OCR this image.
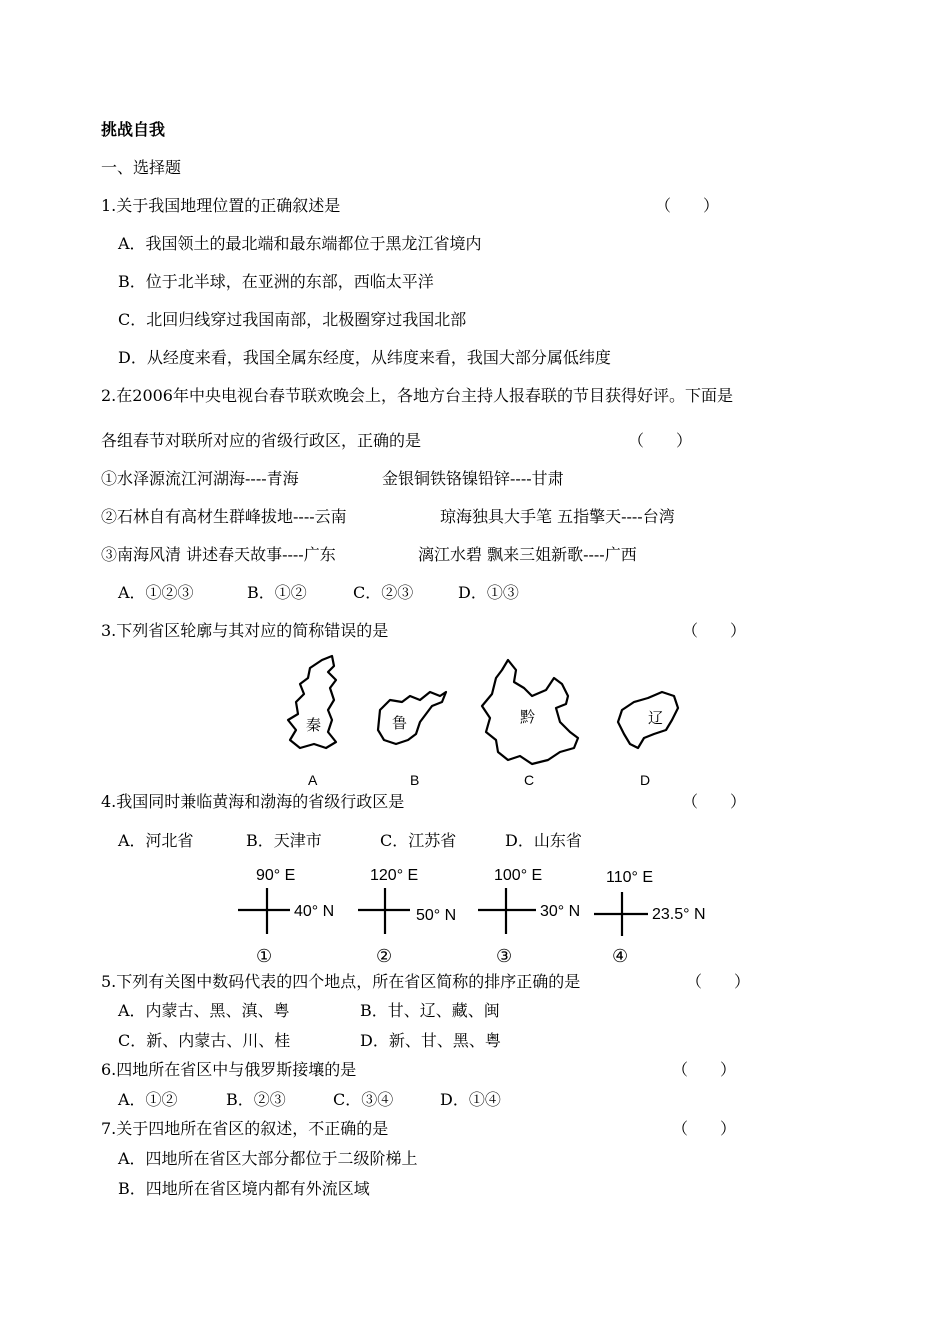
挑战自我
一、选择题
1.关于我国地理位置的正确叙述是	（　　）
A．我国领土的最北端和最东端都位于黑龙江省境内
B．位于北半球，在亚洲的东部，西临太平洋
C．北回归线穿过我国南部，北极圈穿过我国北部
D．从经度来看，我国全属东经度，从纬度来看，我国大部分属低纬度
2.在2006年中央电视台春节联欢晚会上，各地方台主持人报春联的节目获得好评。下面是
各组春节对联所对应的省级行政区，正确的是	（　　）
①水泽源流江河湖海----青海	金银铜铁铬镍铅锌----甘肃
②石林自有高材生群峰拔地----云南	琼海独具大手笔 五指擎天----台湾
③南海风清 讲述春天故事----广东	漓江水碧 飘来三姐新歌----广西
A．①②③	B．①②	C．②③	D．①③
3.下列省区轮廓与其对应的简称错误的是	（　　）
秦
A
鲁
B
黔
C
辽
D
4.我国同时兼临黄海和渤海的省级行政区是	（　　）
A．河北省	B．天津市	C．江苏省	D．山东省
90° E
40° N
①
120° E
50° N
②
100° E
30° N
③
110° E
23.5° N
④
5.下列有关图中数码代表的四个地点，所在省区简称的排序正确的是	（　　）
A．内蒙古、黑、滇、粤	B．甘、辽、藏、闽
C．新、内蒙古、川、桂	D．新、甘、黑、粤
6.四地所在省区中与俄罗斯接壤的是	（　　）
A．①②	B．②③	C．③④	D．①④
7.关于四地所在省区的叙述，不正确的是	（　　）
A．四地所在省区大部分都位于二级阶梯上
B．四地所在省区境内都有外流区域
